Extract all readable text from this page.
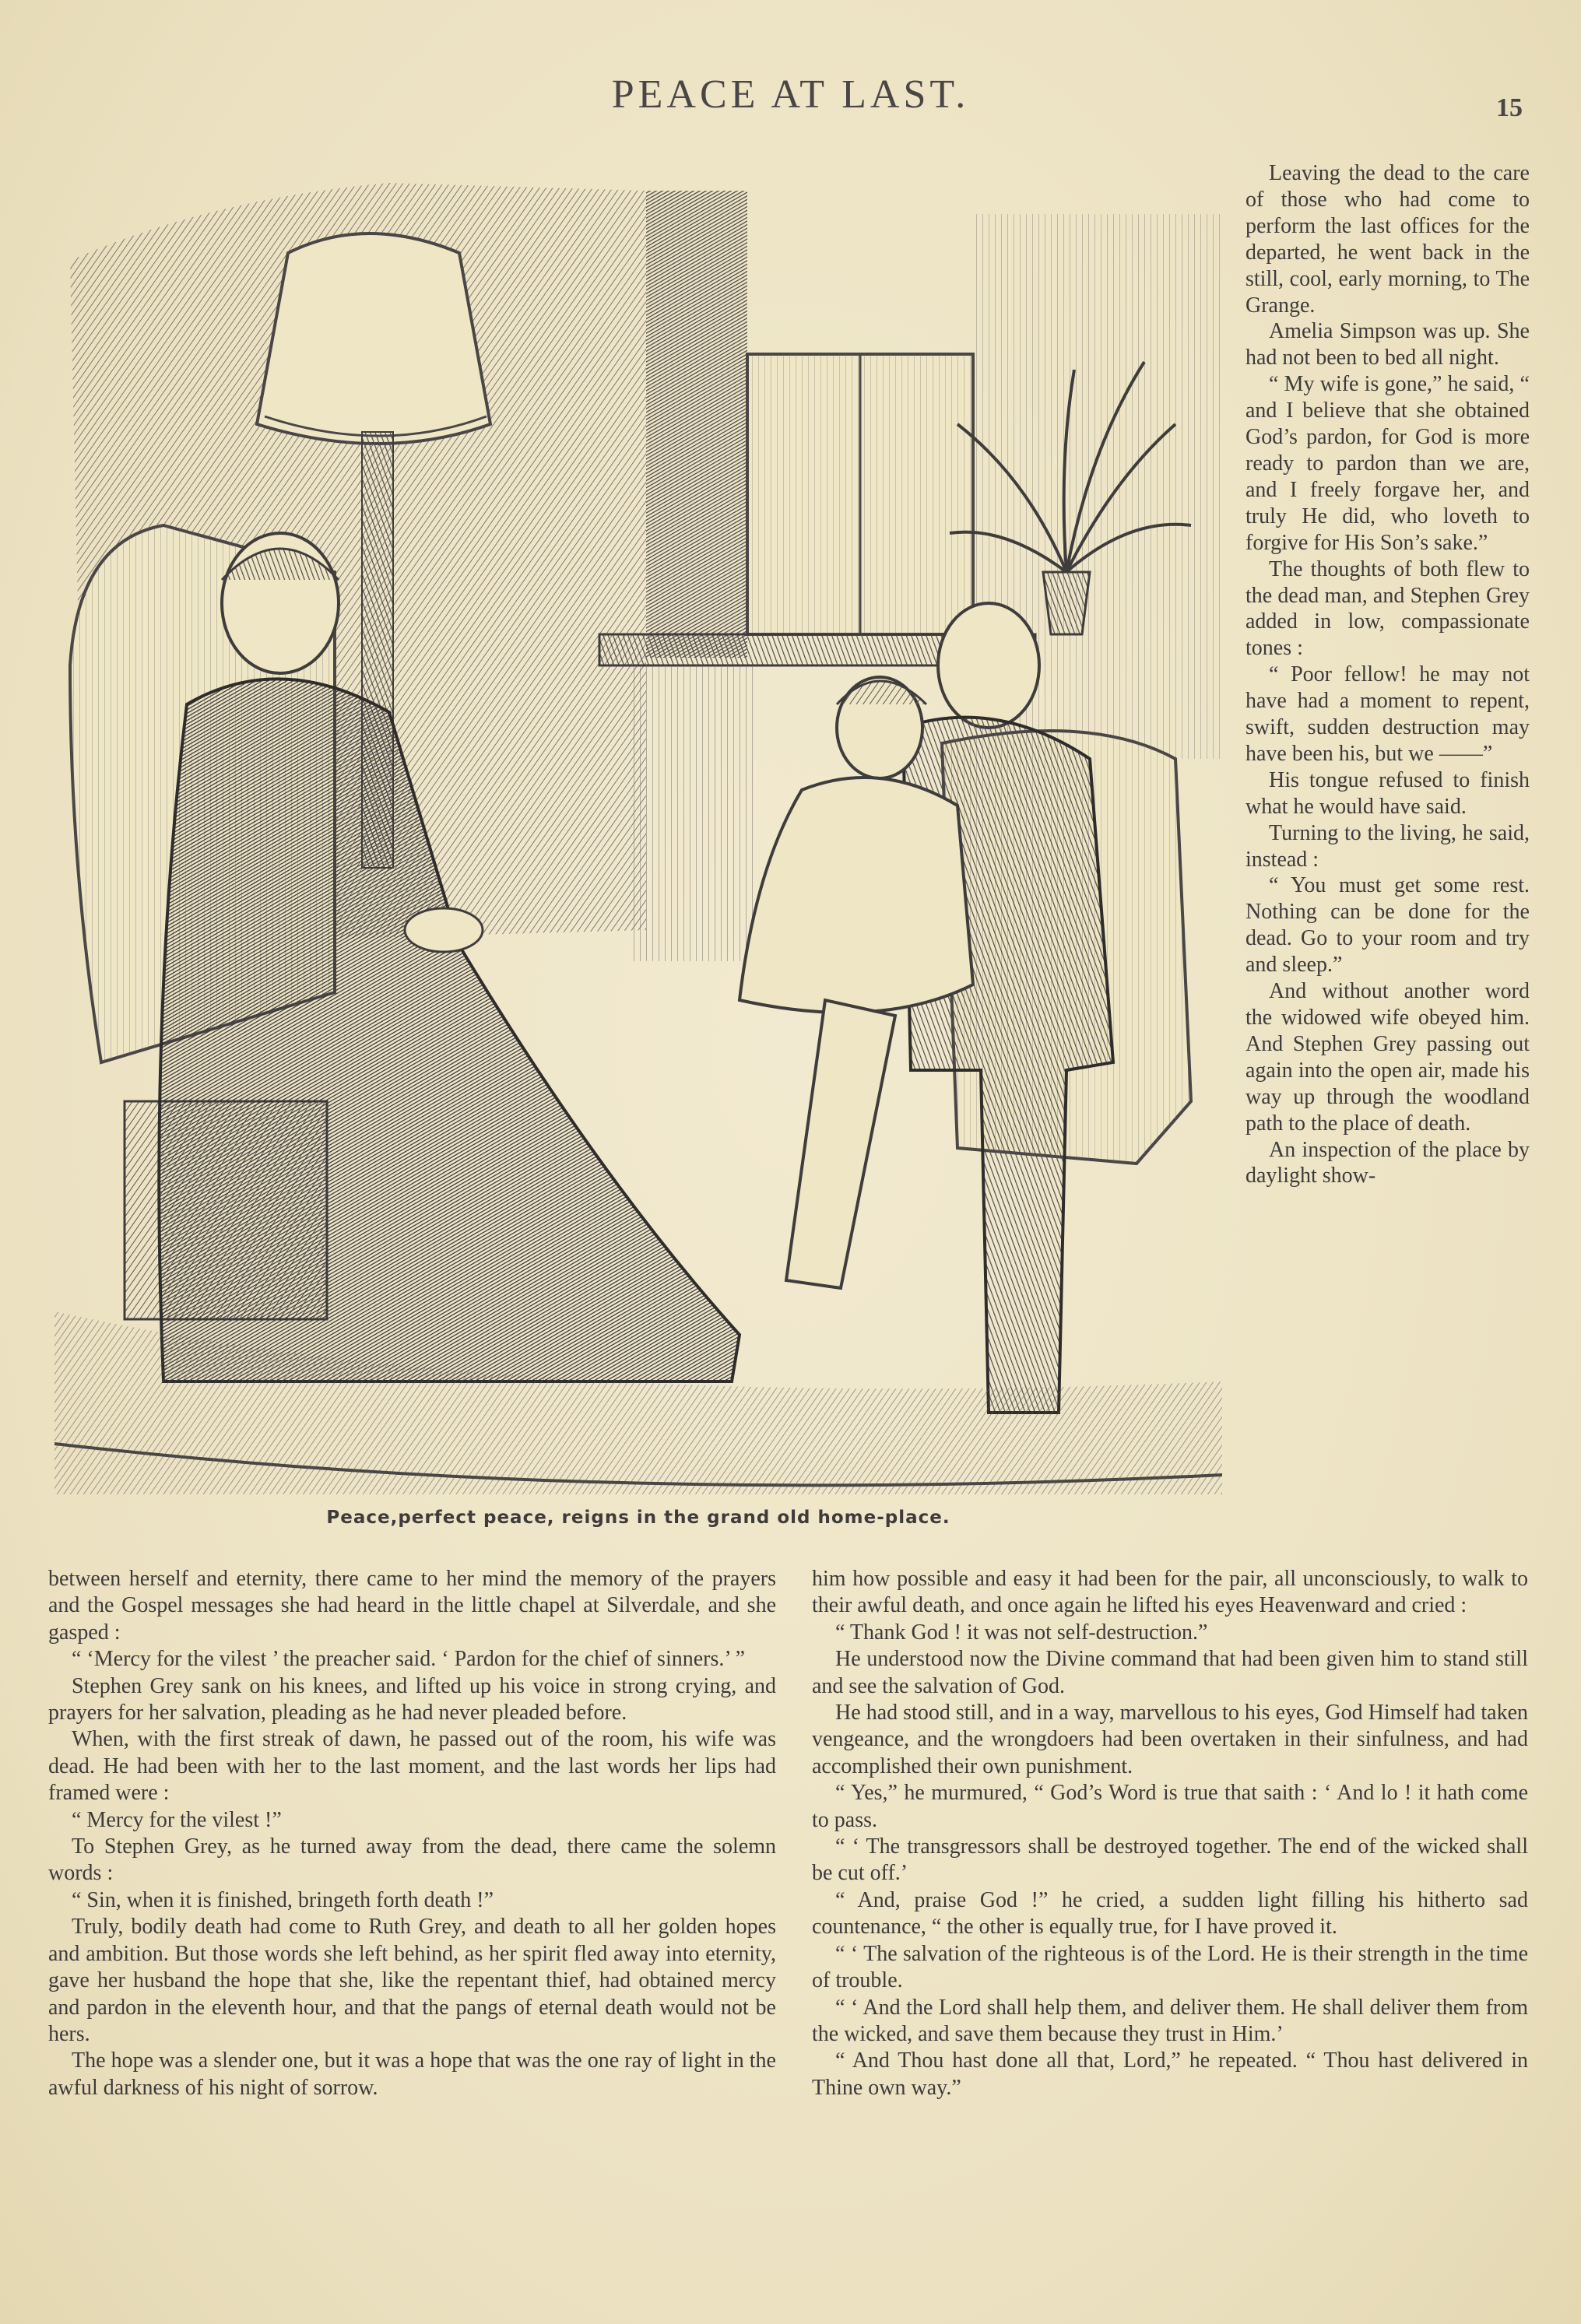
PEACE AT LAST.	15
Peace,perfect peace, reigns in the grand old home-place.

Leaving the dead to the care of those who had come to perform the last offices for the departed, he went back in the still, cool, early morning, to The Grange.

Amelia Simpson was up. She had not been to bed all night.

“ My wife is gone,” he said, “ and I believe that she obtained God’s pardon, for God is more ready to pardon than we are, and I freely forgave her, and truly He did, who loveth to forgive for His Son’s sake.”

The thoughts of both flew to the dead man, and Stephen Grey added in low, compassionate tones :

“ Poor fellow! he may not have had a moment to repent, swift, sudden destruction may have been his, but we ——”

His tongue refused to finish what he would have said.

Turning to the living, he said, instead :

“ You must get some rest. Nothing can be done for the dead. Go to your room and try and sleep.”

And without another word the widowed wife obeyed him. And Stephen Grey passing out again into the open air, made his way up through the woodland path to the place of death.

An inspection of the place by daylight show-

between herself and eternity, there came to her mind the memory of the prayers and the Gospel messages she had heard in the little chapel at Silverdale, and she gasped :

“ ‘Mercy for the vilest ’ the preacher said. ‘ Pardon for the chief of sinners.’ ”

Stephen Grey sank on his knees, and lifted up his voice in strong crying, and prayers for her salvation, pleading as he had never pleaded before.

When, with the first streak of dawn, he passed out of the room, his wife was dead. He had been with her to the last moment, and the last words her lips had framed were :

“ Mercy for the vilest !”

To Stephen Grey, as he turned away from the dead, there came the solemn words :

“ Sin, when it is finished, bringeth forth death !”

Truly, bodily death had come to Ruth Grey, and death to all her golden hopes and ambition. But those words she left behind, as her spirit fled away into eternity, gave her husband the hope that she, like the repentant thief, had obtained mercy and pardon in the eleventh hour, and that the pangs of eternal death would not be hers.

The hope was a slender one, but it was a hope that was the one ray of light in the awful darkness of his night of sorrow.

him how possible and easy it had been for the pair, all unconsciously, to walk to their awful death, and once again he lifted his eyes Heavenward and cried :

“ Thank God ! it was not self-destruction.”

He understood now the Divine command that had been given him to stand still and see the salvation of God.

He had stood still, and in a way, marvellous to his eyes, God Himself had taken vengeance, and the wrongdoers had been overtaken in their sinfulness, and had accomplished their own punishment.

“ Yes,” he murmured, “ God’s Word is true that saith : ‘ And lo ! it hath come to pass.

“ ‘ The transgressors shall be destroyed together. The end of the wicked shall be cut off.’

“ And, praise God !” he cried, a sudden light filling his hitherto sad countenance, “ the other is equally true, for I have proved it.

“ ‘ The salvation of the righteous is of the Lord. He is their strength in the time of trouble.

“ ‘ And the Lord shall help them, and deliver them. He shall deliver them from the wicked, and save them because they trust in Him.’

“ And Thou hast done all that, Lord,” he repeated. “ Thou hast delivered in Thine own way.”
